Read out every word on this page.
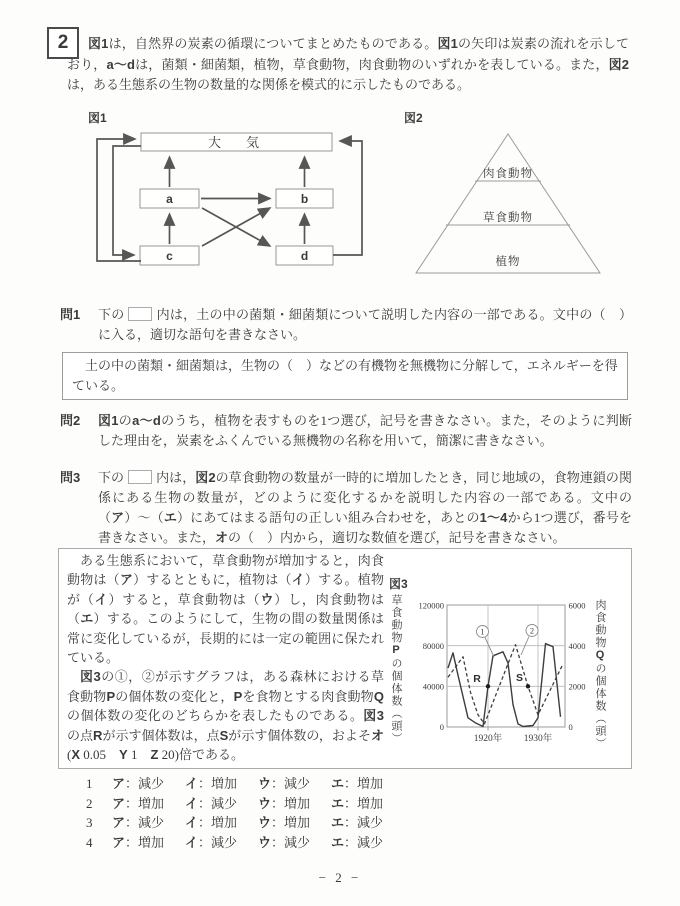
2	図1は，自然界の炭素の循環についてまとめたものである。図1の矢印は炭素の流れを示しており，a〜dは，菌類・細菌類，植物，草食動物，肉食動物のいずれかを表している。また，図2は，ある生態系の生物の数量的な関係を模式的に示したものである。
図1
大　気
a	b
c	d
図2
肉食動物
草食動物
植物
問1	下の 内は，土の中の菌類・細菌類について説明した内容の一部である。文中の（　）に入る，適切な語句を書きなさい。
　土の中の菌類・細菌類は，生物の（　）などの有機物を無機物に分解して，エネルギーを得ている。
問2	図1のa〜dのうち，植物を表すものを1つ選び，記号を書きなさい。また，そのように判断した理由を，炭素をふくんでいる無機物の名称を用いて，簡潔に書きなさい。
問3	下の 内は，図2の草食動物の数量が一時的に増加したとき，同じ地域の，食物連鎖の関係にある生物の数量が，どのように変化するかを説明した内容の一部である。文中の（ア）〜（エ）にあてはまる語句の正しい組み合わせを，あとの1〜4から1つ選び，番号を書きなさい。また，オの（　）内から，適切な数値を選び，記号を書きなさい。

ある生態系において，草食動物が増加すると，肉食動物は（ア）するとともに，植物は（イ）する。植物が（イ）すると，草食動物は（ウ）し，肉食動物は（エ）する。このようにして，生物の間の数量関係は常に変化しているが，長期的には一定の範囲に保たれている。

図3の①，②が示すグラフは，ある森林における草食動物Pの個体数の変化と，Pを食物とする肉食動物Qの個体数の変化のどちらかを表したものである。図3の点Rが示す個体数は，点Sが示す個体数の，およそオ(X 0.05　Y 1　Z 20)倍である。

図3
草食動物Pの個体数（頭）
肉食動物Qの個体数（頭）
120000
80000
40000
0
6000
4000
2000
0
1920年 1930年
R	S
1	2
1	ア：減少	イ：増加	ウ：減少	エ：増加
2	ア：増加	イ：減少	ウ：増加	エ：増加
3	ア：減少	イ：増加	ウ：増加	エ：減少
4	ア：増加	イ：減少	ウ：減少	エ：減少
− 2 −
